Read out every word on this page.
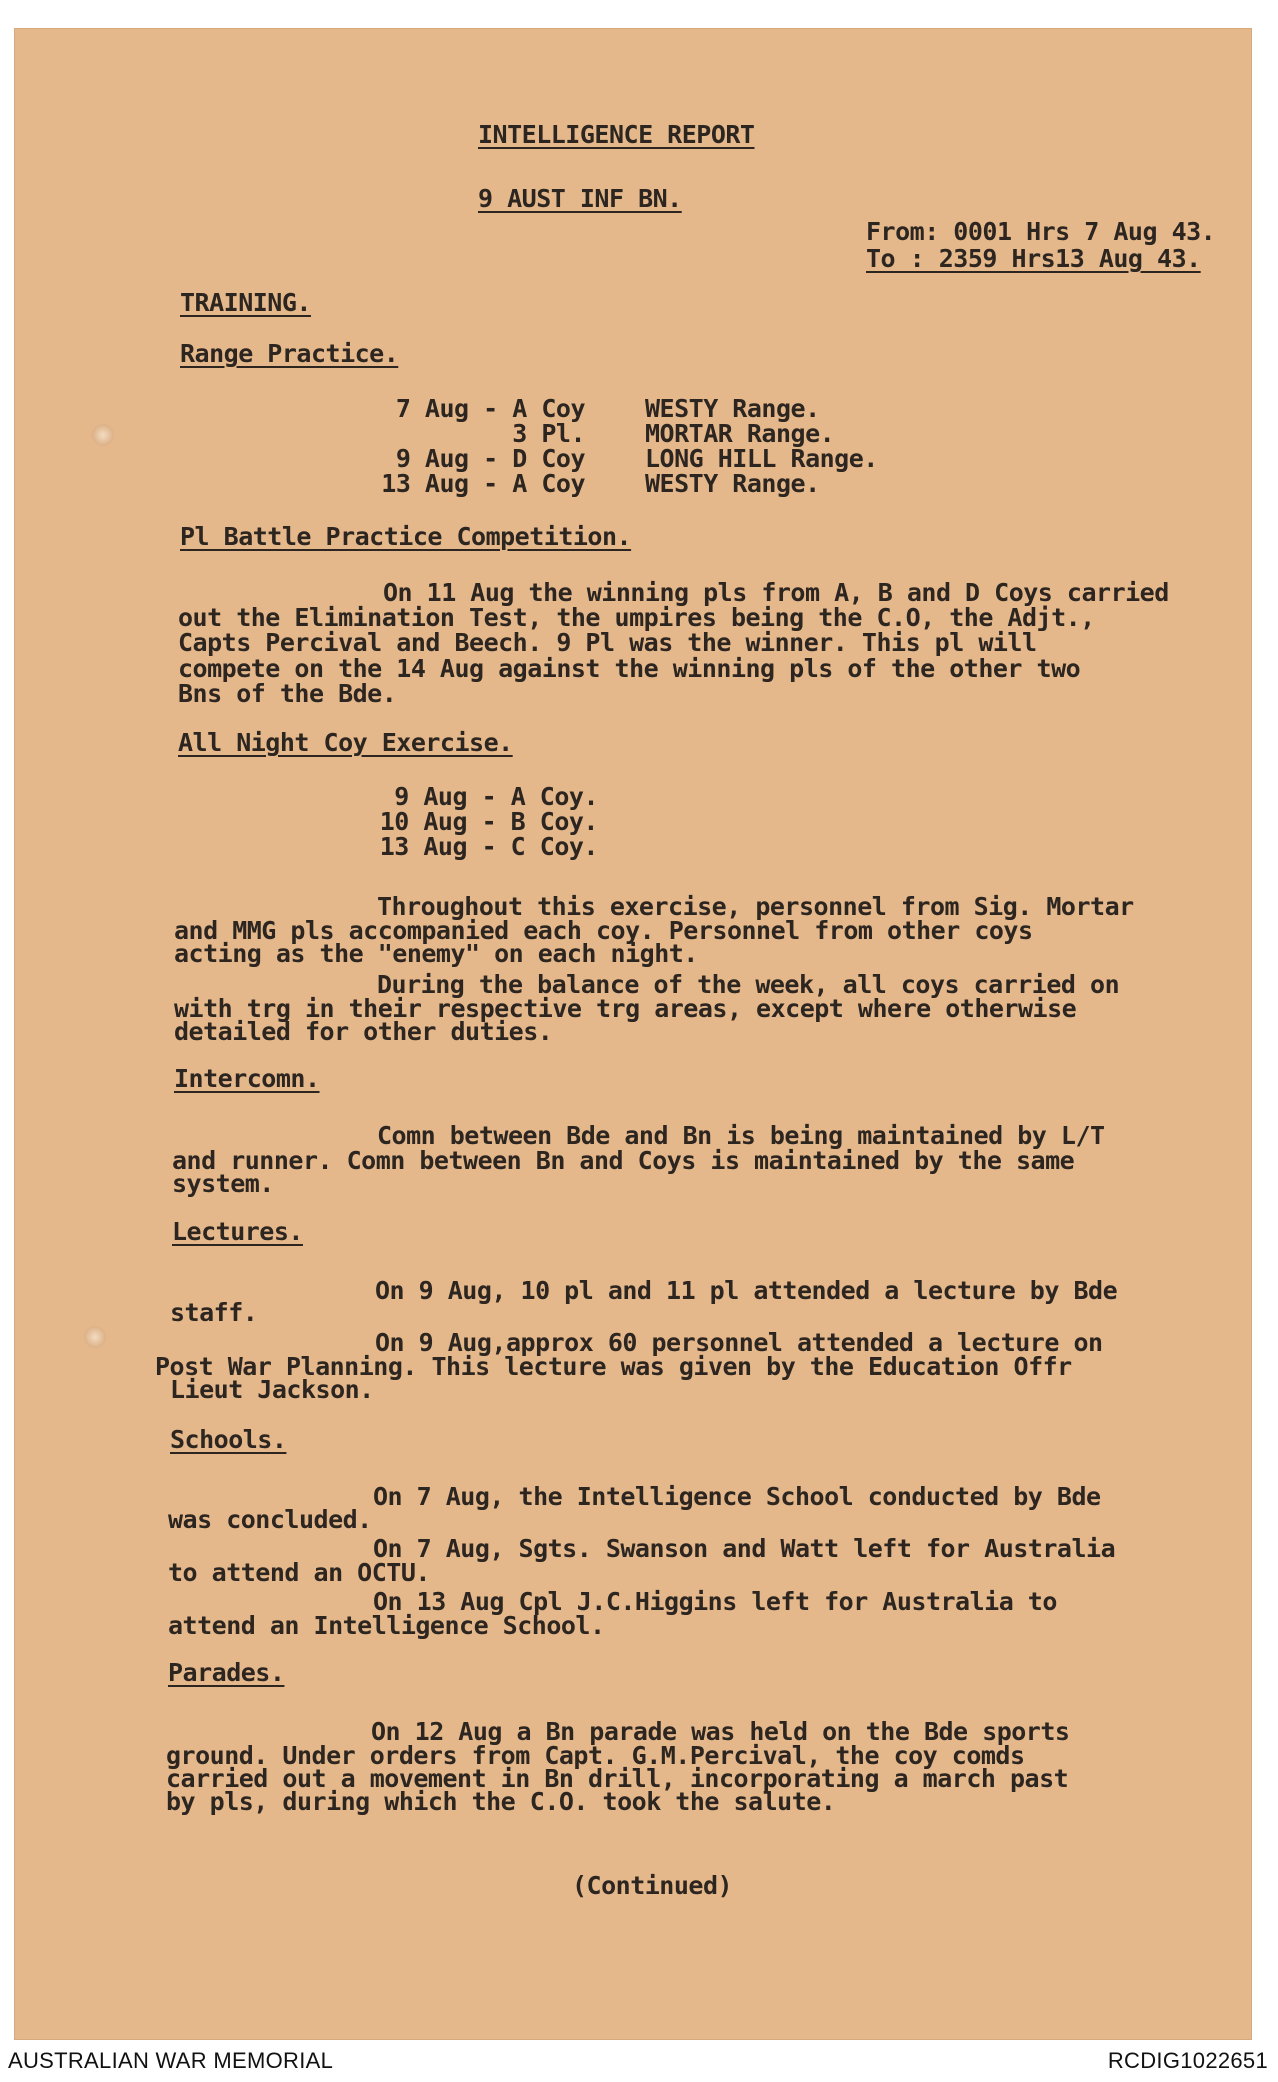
INTELLIGENCE REPORT
9 AUST INF BN.
From: 0001 Hrs 7 Aug 43.
To : 2359 Hrs13 Aug 43.
TRAINING.
Range Practice.
7 Aug - A Coy
3 Pl.
9 Aug - D Coy
13 Aug - A Coy
WESTY Range.
MORTAR Range.
LONG HILL Range.
WESTY Range.
Pl Battle Practice Competition.
On 11 Aug the winning pls from A, B and D Coys carried
out the Elimination Test, the umpires being the C.O, the Adjt.,
Capts Percival and Beech. 9 Pl was the winner. This pl will
compete on the 14 Aug against the winning pls of the other two
Bns of the Bde.
All Night Coy Exercise.
9 Aug - A Coy.
10 Aug - B Coy.
13 Aug - C Coy.
Throughout this exercise, personnel from Sig. Mortar
and MMG pls accompanied each coy. Personnel from other coys
acting as the "enemy" on each night.
During the balance of the week, all coys carried on
with trg in their respective trg areas, except where otherwise
detailed for other duties.
Intercomn.
Comn between Bde and Bn is being maintained by L/T
and runner. Comn between Bn and Coys is maintained by the same
system.
Lectures.
On 9 Aug, 10 pl and 11 pl attended a lecture by Bde
staff.
On 9 Aug,approx 60 personnel attended a lecture on
Post War Planning. This lecture was given by the Education Offr
Lieut Jackson.
Schools.
On 7 Aug, the Intelligence School conducted by Bde
was concluded.
On 7 Aug, Sgts. Swanson and Watt left for Australia
to attend an OCTU.
On 13 Aug Cpl J.C.Higgins left for Australia to
attend an Intelligence School.
Parades.
On 12 Aug a Bn parade was held on the Bde sports
ground. Under orders from Capt. G.M.Percival, the coy comds
carried out a movement in Bn drill, incorporating a march past
by pls, during which the C.O. took the salute.
(Continued)
AUSTRALIAN WAR MEMORIAL	RCDIG1022651
